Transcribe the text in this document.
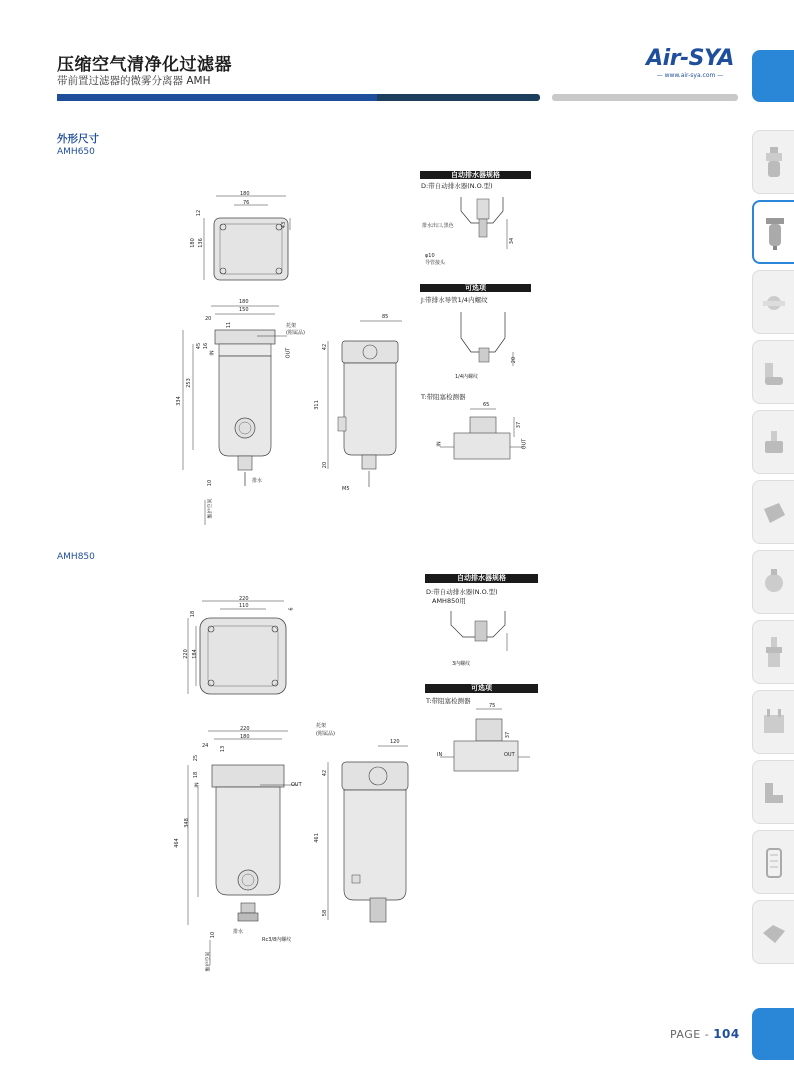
压缩空气清净化过滤器
带前置过滤器的微雾分离器 AMH
Air-SYA
— www.air-sya.com —
外形尺寸
AMH650
180
76
180 136
12
43
180
150
20
11	托架
(附属品)
IN	OUT
334
253
45 16
10	排水
维护空间
85
42
311
20
M5
自动排水器规格
D:带自动排水器(N.O.型)
排水出口,黑色
φ10
导管接头
34
可选项
J:带排水导管1/4内螺纹
1/4内螺纹
20
T:带阻塞检测器
65
37
IN	OUT
AMH850
220
110
220 184
18
6
220
180
24 13
托架
(附属品)
IN	OUT
464
348
25
18
10	排水
Rc3/8内螺纹
维护空间
120
42
461
58
自动排水器规格
D:带自动排水器(N.O.型)
AMH850用
3内螺纹
可选项
T:带阻塞检测器
75
37
IN	OUT
PAGE - 104
